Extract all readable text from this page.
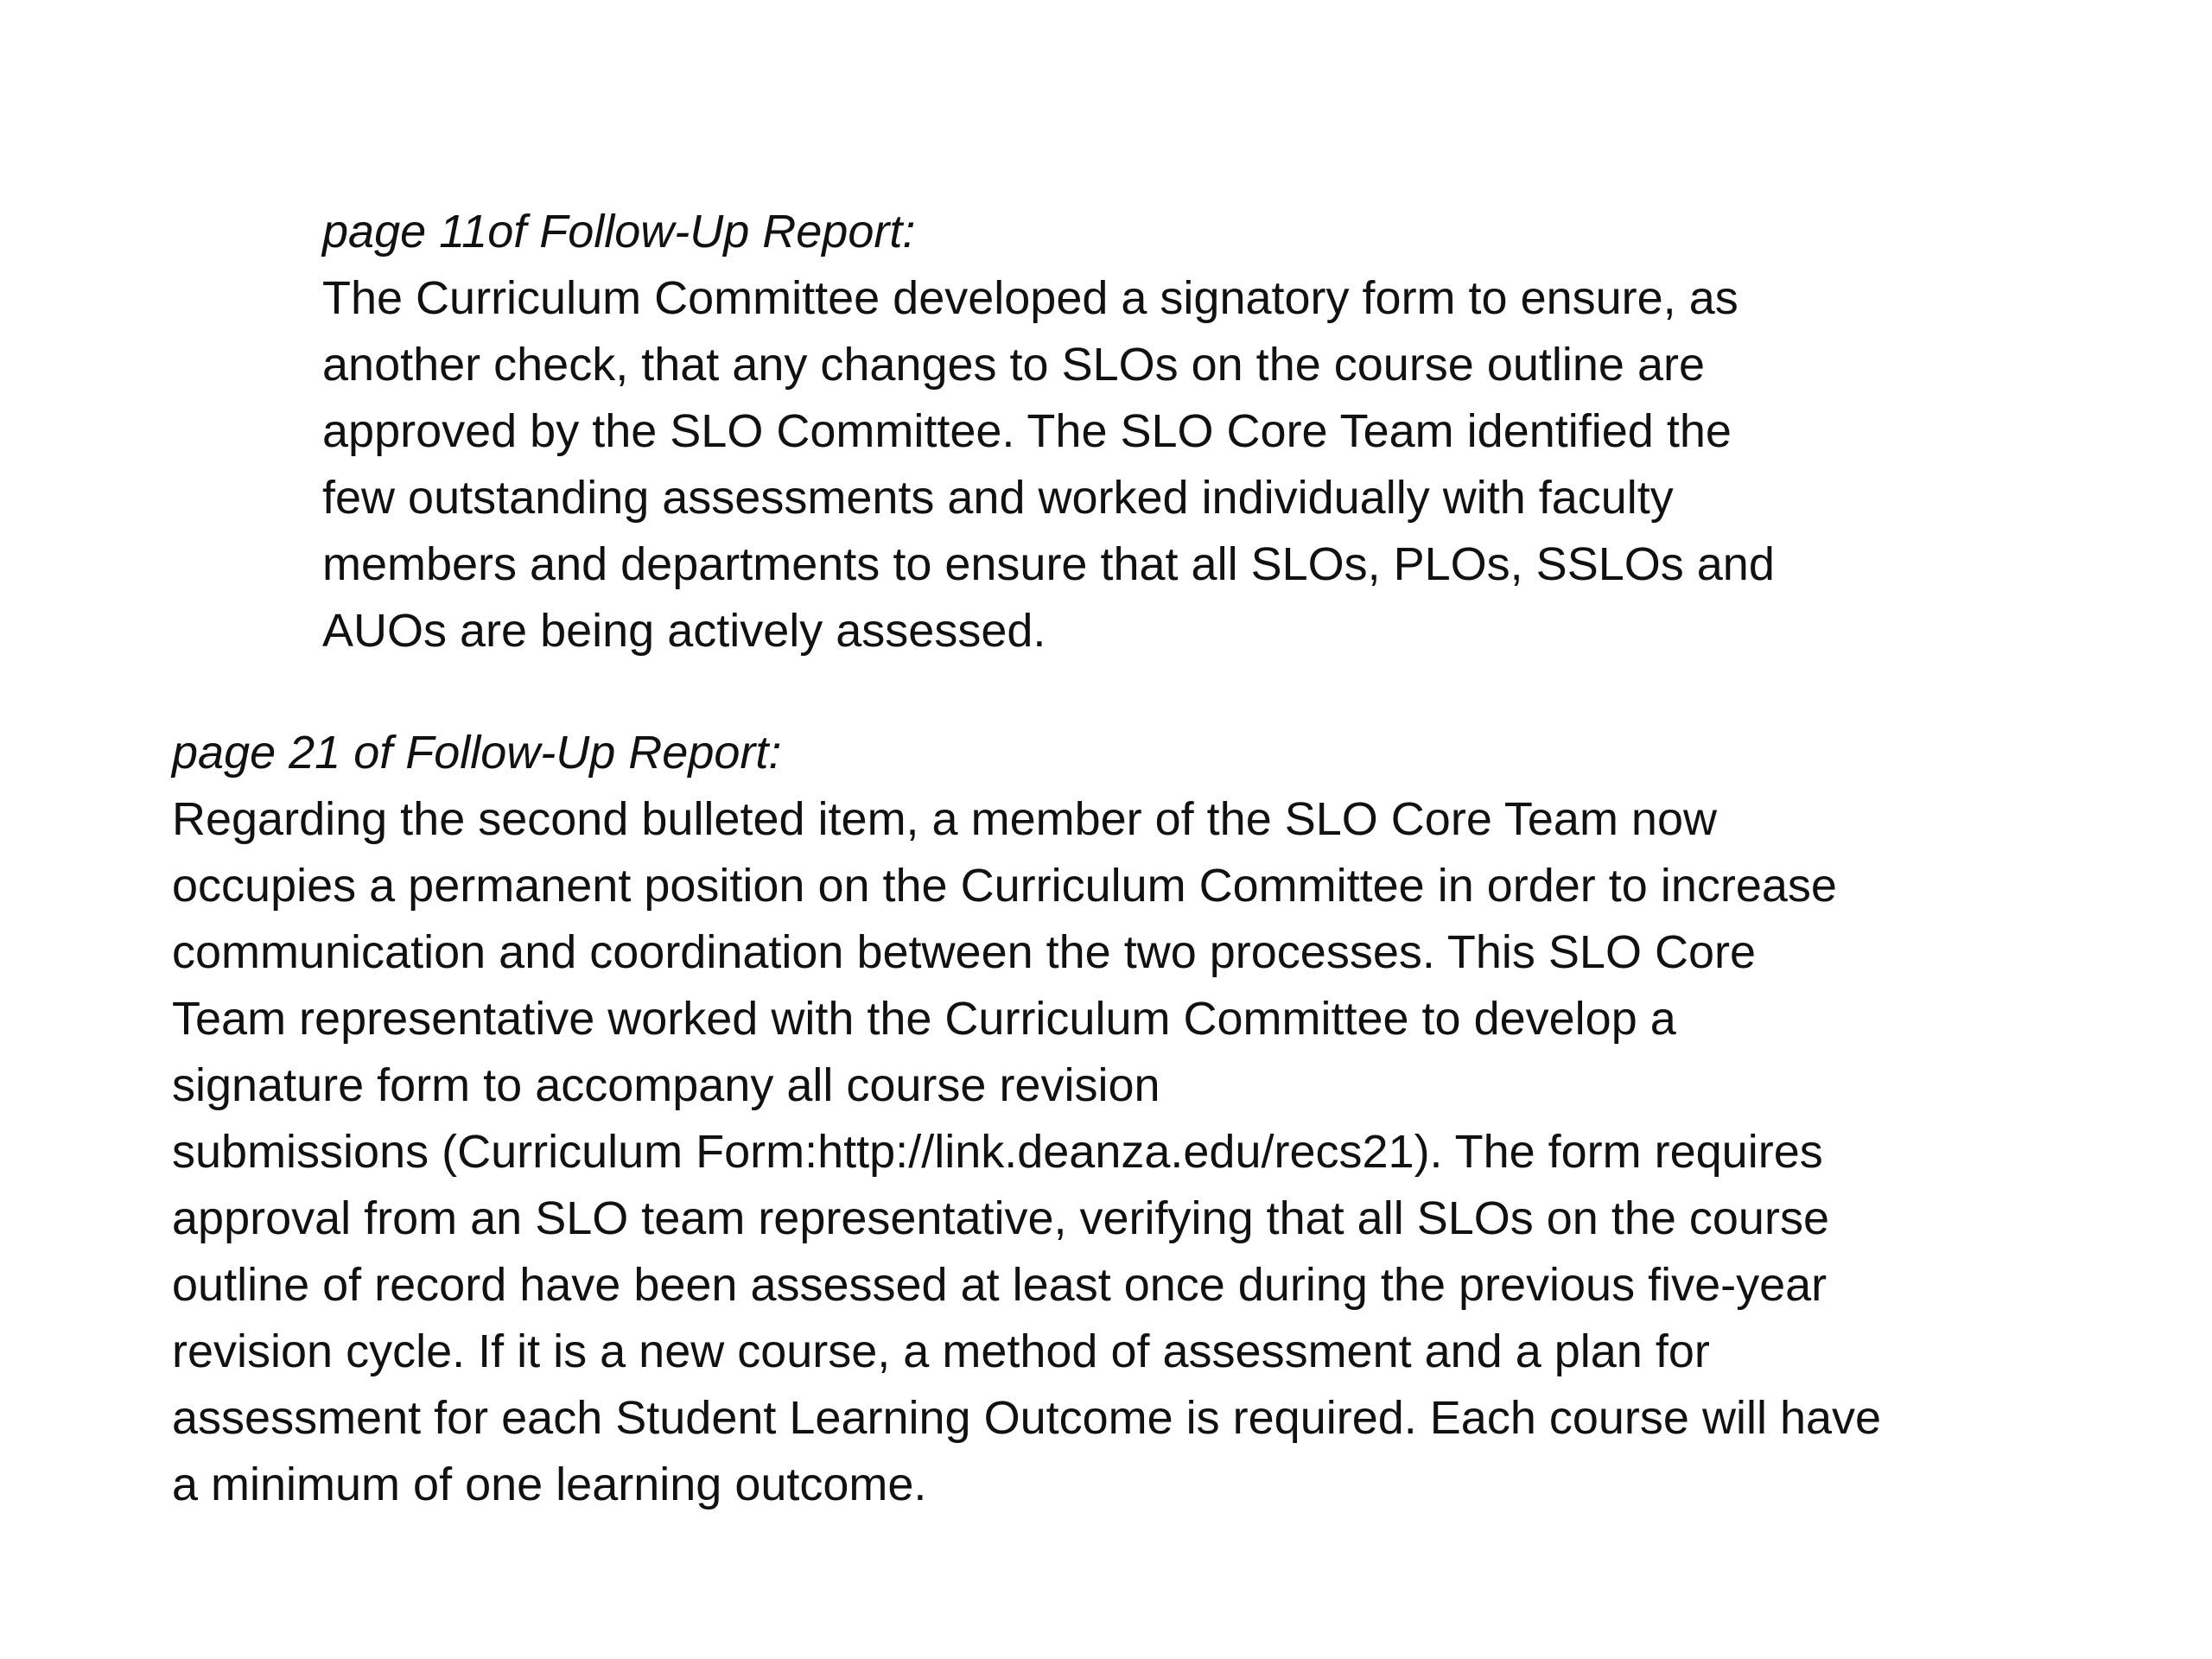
page 11of Follow-Up Report:
The Curriculum Committee developed a signatory form to ensure, as
another check, that any changes to SLOs on the course outline are
approved by the SLO Committee. The SLO Core Team identified the
few outstanding assessments and worked individually with faculty
members and departments to ensure that all SLOs, PLOs, SSLOs and
AUOs are being actively assessed.
page 21 of Follow-Up Report:
Regarding the second bulleted item, a member of the SLO Core Team now
occupies a permanent position on the Curriculum Committee in order to increase
communication and coordination between the two processes. This SLO Core
Team representative worked with the Curriculum Committee to develop a
signature form to accompany all course revision
submissions (Curriculum Form:http://link.deanza.edu/recs21). The form requires
approval from an SLO team representative, verifying that all SLOs on the course
outline of record have been assessed at least once during the previous five-year
revision cycle. If it is a new course, a method of assessment and a plan for
assessment for each Student Learning Outcome is required. Each course will have
a minimum of one learning outcome.
